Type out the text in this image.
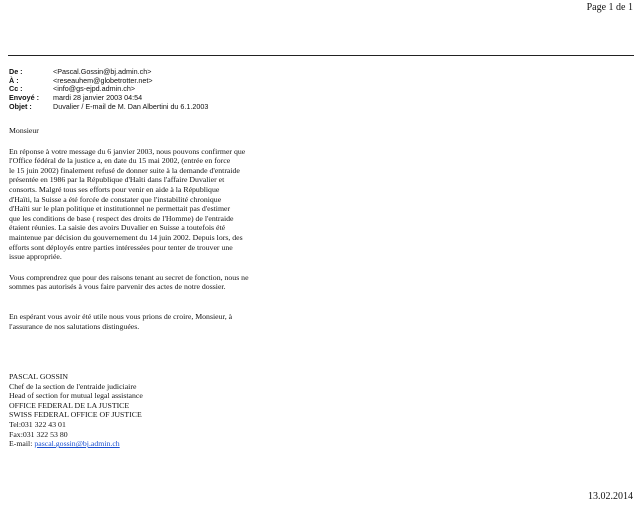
Page 1 de 1
De :	<Pascal.Gossin@bj.admin.ch>
À :	<reseauhem@globetrotter.net>
Cc :	<info@gs-ejpd.admin.ch>
Envoyé :	mardi 28 janvier 2003 04:54
Objet :	Duvalier / E-mail de M. Dan Albertini du 6.1.2003
Monsieur
En réponse à votre message du 6 janvier 2003, nous pouvons confirmer que
l'Office fédéral de la justice a, en date du 15 mai 2002, (entrée en force
le 15 juin 2002) finalement refusé de donner suite à la demande d'entraide
présentée en 1986 par la République d'Haïti dans l'affaire Duvalier et
consorts. Malgré tous ses efforts pour venir en aide à la République
d'Haïti, la Suisse a été forcée de constater que l'instabilité chronique
d'Haïti sur le plan politique et institutionnel ne permettait pas d'estimer
que les conditions de base ( respect des droits de l'Homme) de l'entraide
étaient réunies. La saisie des avoirs Duvalier en Suisse a toutefois été
maintenue par décision du gouvernement du 14 juin 2002. Depuis lors, des
efforts sont déployés entre parties intéressées pour tenter de trouver une
issue appropriée.
Vous comprendrez que pour des raisons tenant au secret de fonction, nous ne
sommes pas autorisés à vous faire parvenir des actes de notre dossier.
En espérant vous avoir été utile nous vous prions de croire, Monsieur, à
l'assurance de nos salutations distinguées.
PASCAL GOSSIN
Chef de la section de l'entraide judiciaire
Head of section for mutual legal assistance
OFFICE FEDERAL DE LA JUSTICE
SWISS FEDERAL OFFICE OF JUSTICE
Tel:031 322 43 01
Fax:031 322 53 80
E-mail: pascal.gossin@bj.admin.ch
13.02.2014
